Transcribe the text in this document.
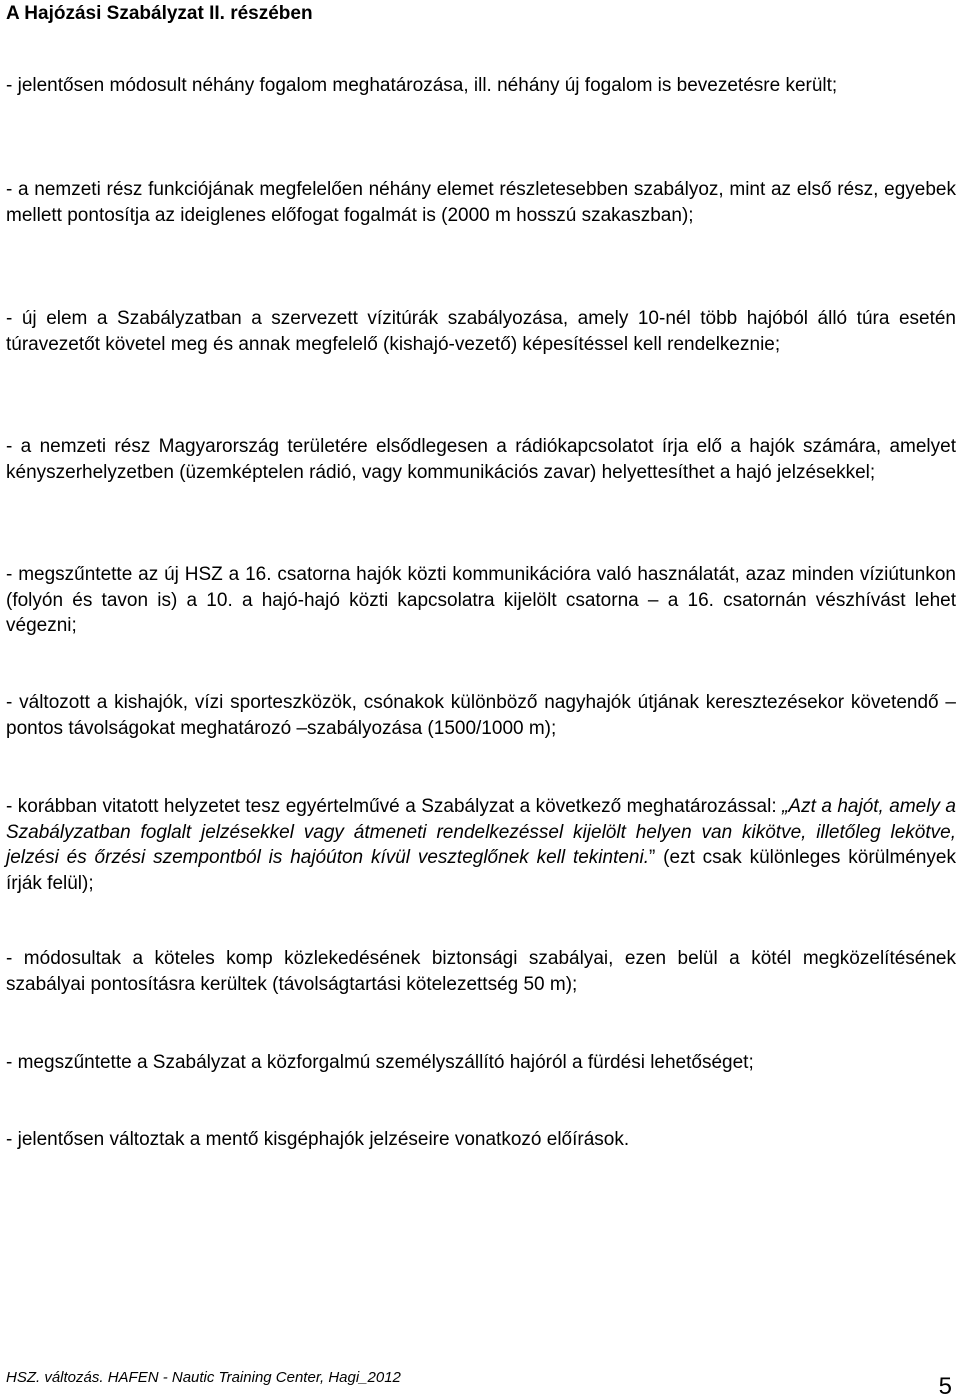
A Hajózási Szabályzat II. részében

- jelentősen módosult néhány fogalom meghatározása, ill. néhány új fogalom is bevezetésre került;

- a nemzeti rész funkciójának megfelelően néhány elemet részletesebben szabályoz, mint az első rész, egyebek mellett pontosítja az ideiglenes előfogat fogalmát is (2000 m hosszú szakaszban);

- új elem a Szabályzatban a szervezett vízitúrák szabályozása, amely 10-nél több hajóból álló túra esetén túravezetőt követel meg és annak megfelelő (kishajó-vezető) képesítéssel kell rendelkeznie;

- a nemzeti rész Magyarország területére elsődlegesen a rádiókapcsolatot írja elő a hajók számára, amelyet kényszerhelyzetben (üzemképtelen rádió, vagy kommunikációs zavar) helyettesíthet a hajó jelzésekkel;

- megszűntette az új HSZ a 16. csatorna hajók közti kommunikációra való használatát, azaz minden víziútunkon (folyón és tavon is) a 10. a hajó-hajó közti kapcsolatra kijelölt csatorna – a 16. csatornán vészhívást lehet végezni;

- változott a kishajók, vízi sporteszközök, csónakok különböző nagyhajók útjának keresztezésekor követendő – pontos távolságokat meghatározó –szabályozása (1500/1000 m);

- korábban vitatott helyzetet tesz egyértelművé a Szabályzat a következő meghatározással: „Azt a hajót, amely a Szabályzatban foglalt jelzésekkel vagy átmeneti rendelkezéssel kijelölt helyen van kikötve, illetőleg lekötve, jelzési és őrzési szempontból is hajóúton kívül veszteglőnek kell tekinteni.” (ezt csak különleges körülmények írják felül);

- módosultak a köteles komp közlekedésének biztonsági szabályai, ezen belül a kötél megközelítésének szabályai pontosításra kerültek (távolságtartási kötelezettség 50 m);

- megszűntette a Szabályzat a közforgalmú személyszállító hajóról a fürdési lehetőséget;

- jelentősen változtak a mentő kisgéphajók jelzéseire vonatkozó előírások.

HSZ. változás. HAFEN - Nautic Training Center, Hagi_2012	5
